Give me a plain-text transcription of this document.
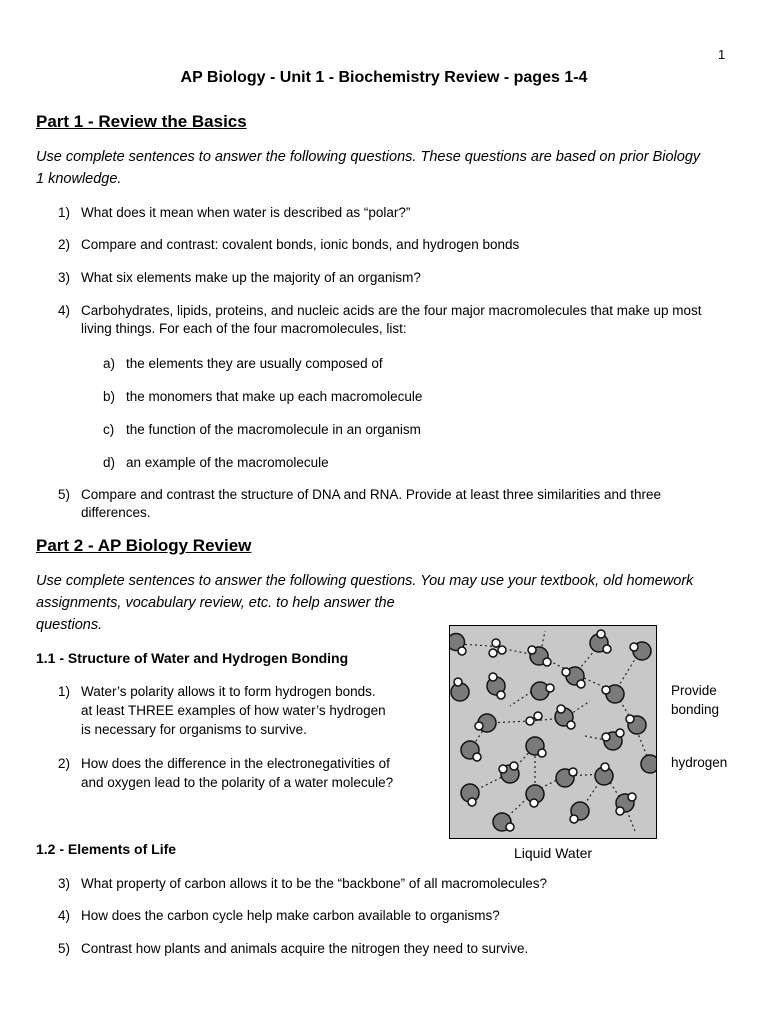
1
AP Biology - Unit 1 - Biochemistry Review - pages 1-4
Part 1 - Review the Basics
Use complete sentences to answer the following questions. These questions are based on prior Biology
1 knowledge.
1) What does it mean when water is described as “polar?”
2) Compare and contrast: covalent bonds, ionic bonds, and hydrogen bonds
3) What six elements make up the majority of an organism?
4) Carbohydrates, lipids, proteins, and nucleic acids are the four major macromolecules that make up most
living things. For each of the four macromolecules, list:
a) the elements they are usually composed of
b) the monomers that make up each macromolecule
c) the function of the macromolecule in an organism
d) an example of the macromolecule
5) Compare and contrast the structure of DNA and RNA. Provide at least three similarities and three
differences.
Part 2 - AP Biology Review
Use complete sentences to answer the following questions. You may use your textbook, old homework
assignments, vocabulary review, etc. to help answer the
questions.
1.1 - Structure of Water and Hydrogen Bonding
1) Water’s polarity allows it to form hydrogen bonds.
at least THREE examples of how water’s hydrogen
is necessary for organisms to survive.
2) How does the difference in the electronegativities of
and oxygen lead to the polarity of a water molecule?
Provide
bonding
hydrogen
Liquid Water
1.2 - Elements of Life
3) What property of carbon allows it to be the “backbone” of all macromolecules?
4) How does the carbon cycle help make carbon available to organisms?
5) Contrast how plants and animals acquire the nitrogen they need to survive.
